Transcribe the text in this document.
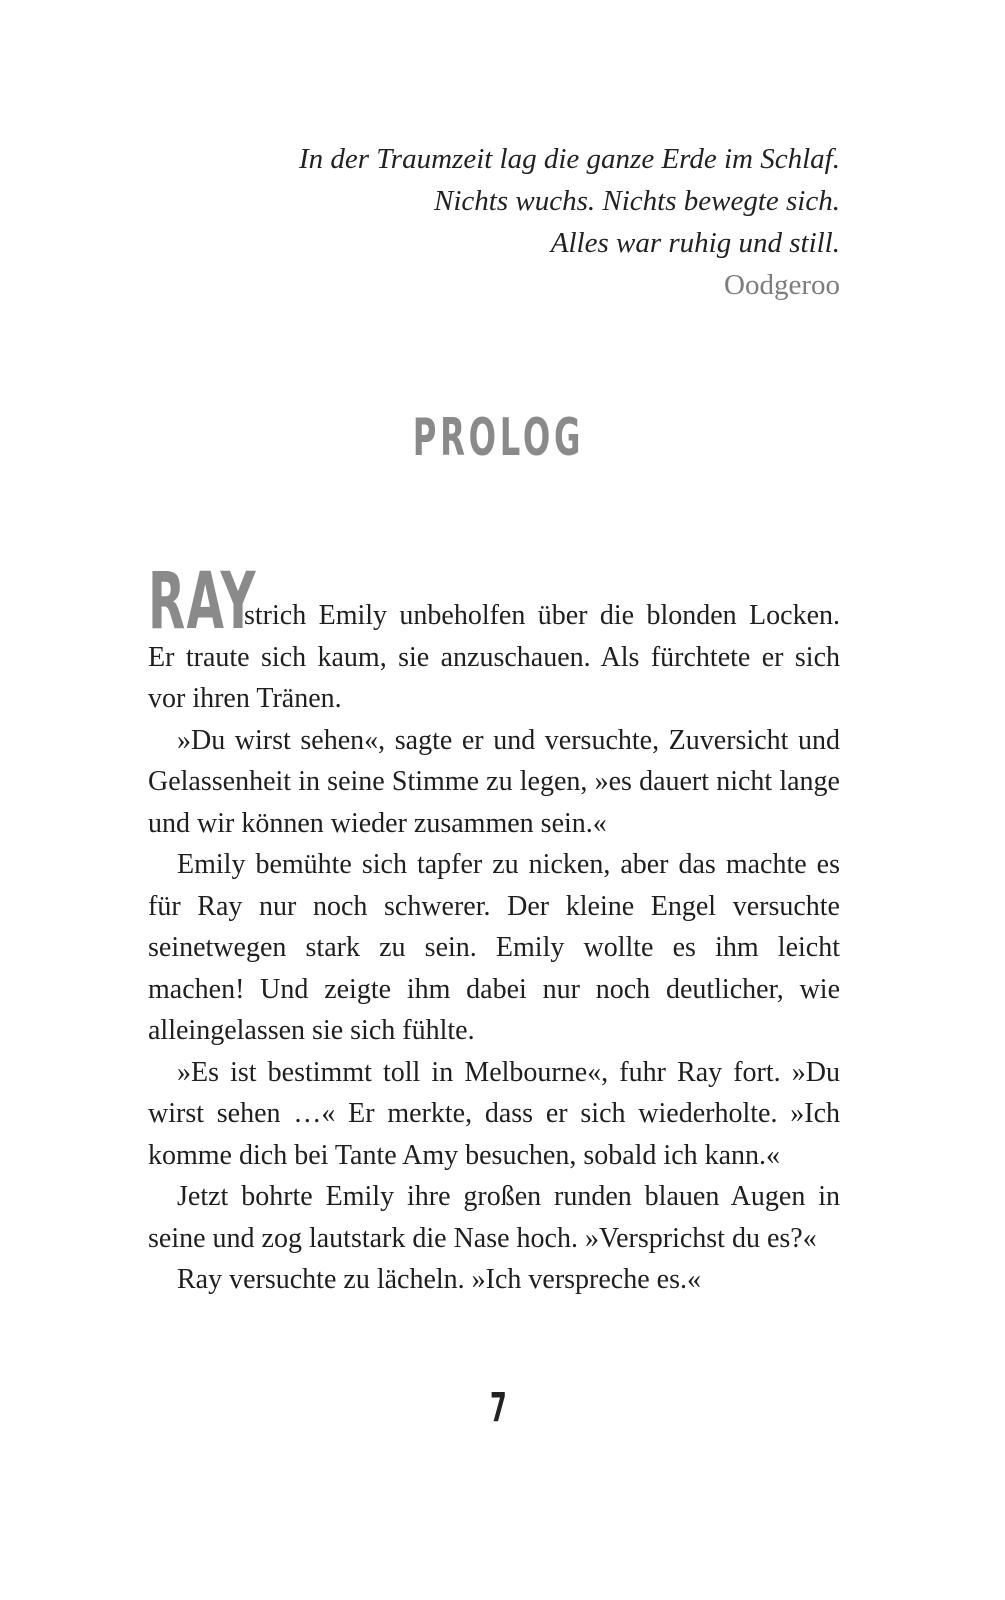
In der Traumzeit lag die ganze Erde im Schlaf.
Nichts wuchs. Nichts bewegte sich.
Alles war ruhig und still.
Oodgeroo
PROLOG

RAY
strich Emily unbeholfen über die blonden Locken. Er traute sich kaum, sie anzuschauen. Als fürchtete er sich vor ihren Tränen.

»Du wirst sehen«, sagte er und versuchte, Zuversicht und Gelassenheit in seine Stimme zu legen, »es dauert nicht lange und wir können wieder zusammen sein.«

Emily bemühte sich tapfer zu nicken, aber das machte es für Ray nur noch schwerer. Der kleine Engel versuchte seinetwegen stark zu sein. Emily wollte es ihm leicht machen! Und zeigte ihm dabei nur noch deutlicher, wie alleingelassen sie sich fühlte.

»Es ist bestimmt toll in Melbourne«, fuhr Ray fort. »Du wirst sehen …« Er merkte, dass er sich wiederholte. »Ich komme dich bei Tante Amy besuchen, sobald ich kann.«

Jetzt bohrte Emily ihre großen runden blauen Augen in seine und zog lautstark die Nase hoch. »Versprichst du es?«

Ray versuchte zu lächeln. »Ich verspreche es.«

7
